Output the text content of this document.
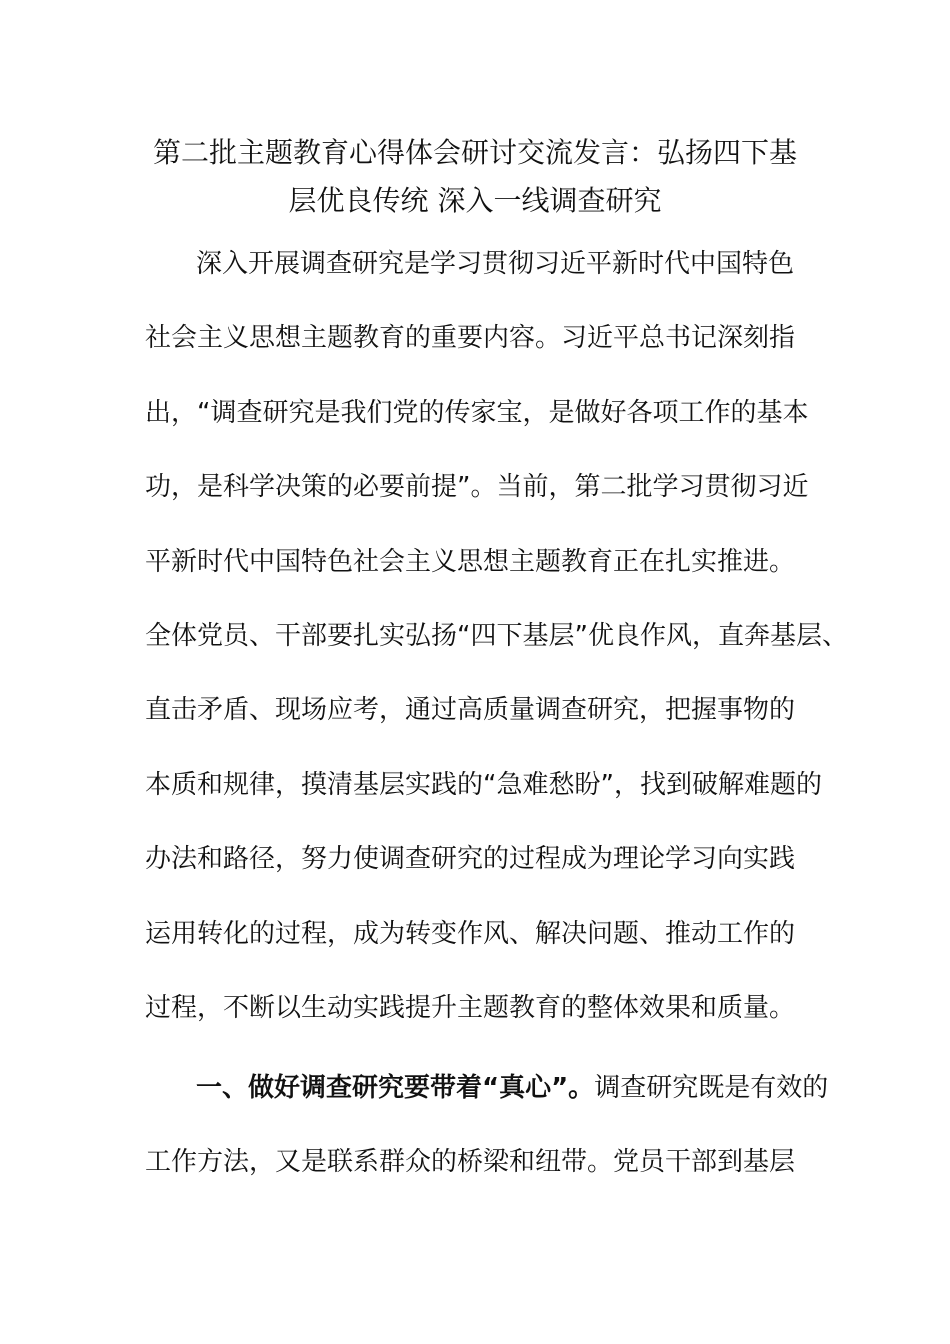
第二批主题教育心得体会研讨交流发言：弘扬四下基
层优良传统 深入一线调查研究
深入开展调查研究是学习贯彻习近平新时代中国特色
社会主义思想主题教育的重要内容。习近平总书记深刻指
出，“调查研究是我们党的传家宝，是做好各项工作的基本
功，是科学决策的必要前提”。当前，第二批学习贯彻习近
平新时代中国特色社会主义思想主题教育正在扎实推进。
全体党员、干部要扎实弘扬“四下基层”优良作风，直奔基层、
直击矛盾、现场应考，通过高质量调查研究，把握事物的
本质和规律，摸清基层实践的“急难愁盼”，找到破解难题的
办法和路径，努力使调查研究的过程成为理论学习向实践
运用转化的过程，成为转变作风、解决问题、推动工作的
过程，不断以生动实践提升主题教育的整体效果和质量。
一、做好调查研究要带着“真心”。调查研究既是有效的
工作方法，又是联系群众的桥梁和纽带。党员干部到基层
